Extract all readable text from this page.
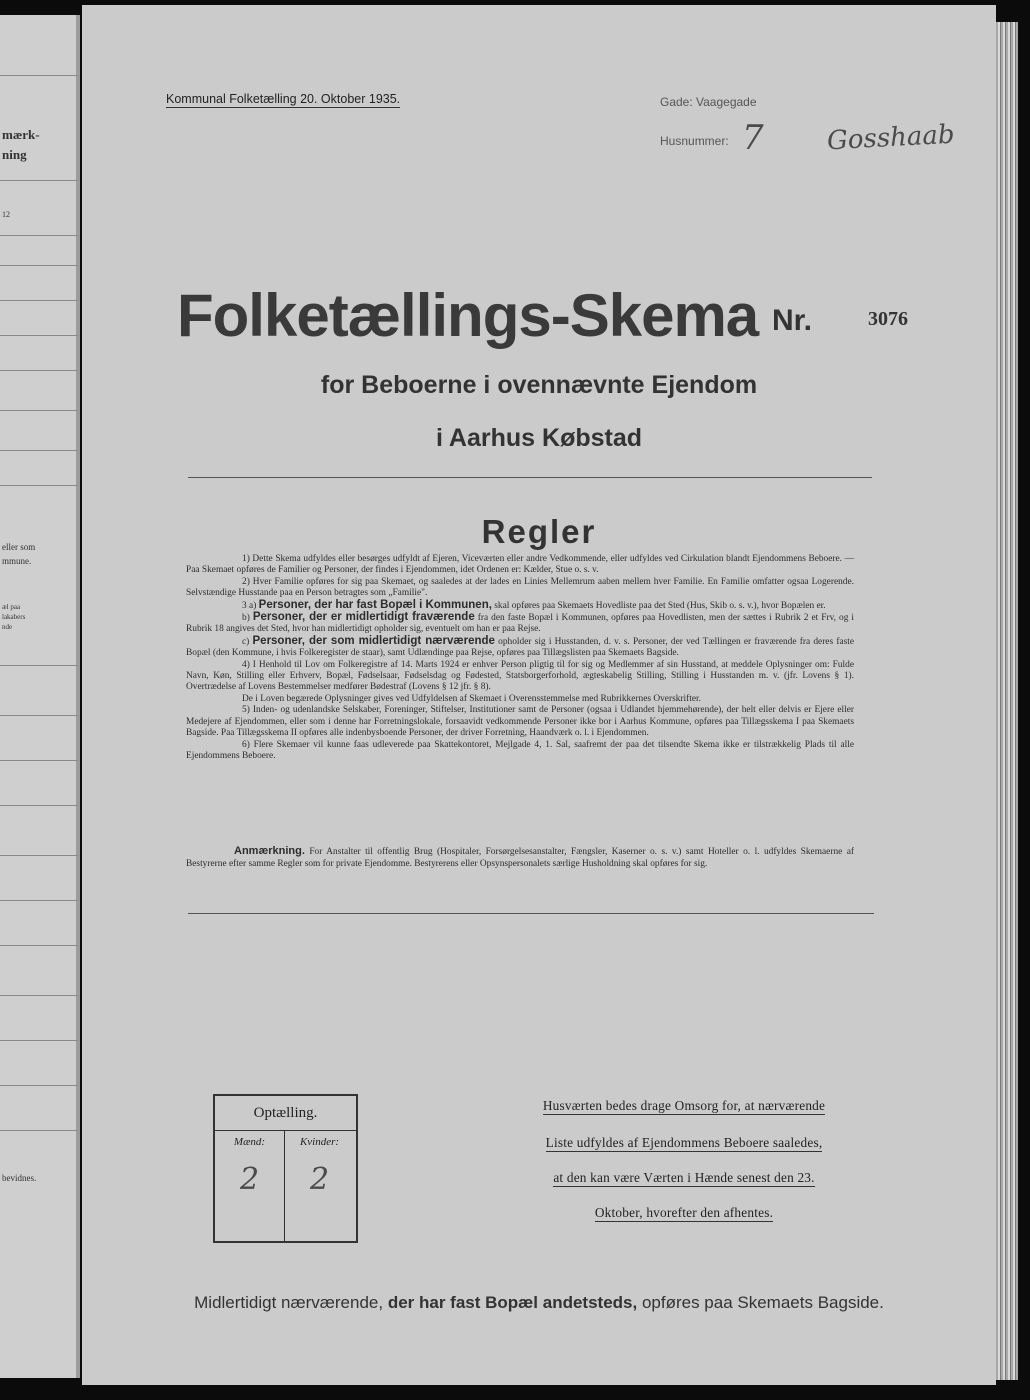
mærk-
ning
12
eller som
mmune.
æl paa
lakabers
nde
bevidnes.
Kommunal Folketælling 20. Oktober 1935.	Gade: Vaagegade
Husnummer: 7 Gosshaab
Folketællings-Skema Nr.	3076
for Beboerne i ovennævnte Ejendom
i Aarhus Købstad
Regler

1) Dette Skema udfyldes eller besørges udfyldt af Ejeren, Viceværten eller andre Vedkommende, eller udfyldes ved Cirkulation blandt Ejendommens Beboere. — Paa Skemaet opføres de Familier og Personer, der findes i Ejendommen, idet Ordenen er: Kælder, Stue o. s. v.

2) Hver Familie opføres for sig paa Skemaet, og saaledes at der lades en Linies Mellemrum aaben mellem hver Familie. En Familie omfatter ogsaa Logerende. Selvstændige Husstande paa en Person betragtes som „Familie".

3 a) Personer, der har fast Bopæl i Kommunen, skal opføres paa Skemaets Hovedliste paa det Sted (Hus, Skib o. s. v.), hvor Bopælen er.

b) Personer, der er midlertidigt fraværende fra den faste Bopæl i Kommunen, opføres paa Hovedlisten, men der sættes i Rubrik 2 et Frv, og i Rubrik 18 angives det Sted, hvor han midlertidigt opholder sig, eventuelt om han er paa Rejse.

c) Personer, der som midlertidigt nærværende opholder sig i Husstanden, d. v. s. Personer, der ved Tællingen er fraværende fra deres faste Bopæl (den Kommune, i hvis Folkeregister de staar), samt Udlændinge paa Rejse, opføres paa Tillægslisten paa Skemaets Bagside.

4) I Henhold til Lov om Folkeregistre af 14. Marts 1924 er enhver Person pligtig til for sig og Medlemmer af sin Husstand, at meddele Oplysninger om: Fulde Navn, Køn, Stilling eller Erhverv, Bopæl, Fødselsaar, Fødselsdag og Fødested, Statsborgerforhold, ægteskabelig Stilling, Stilling i Husstanden m. v. (jfr. Lovens § 1). Overtrædelse af Lovens Bestemmelser medfører Bødestraf (Lovens § 12 jfr. § 8).

De i Loven begærede Oplysninger gives ved Udfyldelsen af Skemaet i Overensstemmelse med Rubrikkernes Overskrifter.

5) Inden- og udenlandske Selskaber, Foreninger, Stiftelser, Institutioner samt de Personer (ogsaa i Udlandet hjemmehørende), der helt eller delvis er Ejere eller Medejere af Ejendommen, eller som i denne har Forretningslokale, forsaavidt vedkommende Personer ikke bor i Aarhus Kommune, opføres paa Tillægsskema I paa Skemaets Bagside. Paa Tillægsskema II opføres alle indenbysboende Personer, der driver Forretning, Haandværk o. l. i Ejendommen.

6) Flere Skemaer vil kunne faas udleverede paa Skattekontoret, Mejlgade 4, 1. Sal, saafremt der paa det tilsendte Skema ikke er tilstrækkelig Plads til alle Ejendommens Beboere.

Anmærkning. For Anstalter til offentlig Brug (Hospitaler, Forsørgelsesanstalter, Fængsler, Kaserner o. s. v.) samt Hoteller o. l. udfyldes Skemaerne af Bestyrerne efter samme Regler som for private Ejendomme. Bestyrerens eller Opsynspersonalets særlige Husholdning skal opføres for sig.
Optælling.
Mænd:	Kvinder:
2	2
Husværten bedes drage Omsorg for, at nærværende
Liste udfyldes af Ejendommens Beboere saaledes,
at den kan være Værten i Hænde senest den 23.
Oktober, hvorefter den afhentes.
Midlertidigt nærværende, der har fast Bopæl andetsteds, opføres paa Skemaets Bagside.
